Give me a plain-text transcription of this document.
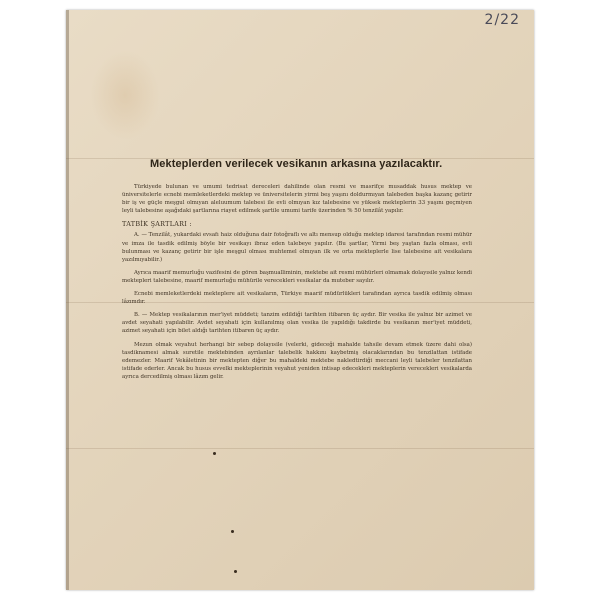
2/22
Mekteplerden verilecek vesikanın arkasına yazılacaktır.

Türkiyede bulunan ve umumi tedrisat dereceleri dahilinde olan resmi ve masrifçe musaddak husus mektep ve üniversitelerle ecnebi memleketlerdeki mektep ve üniversitelerin yirmi beş yaşını doldurmıyan talebeden başka kazanç getirir bir iş ve güçle meşgul olmıyan aleluumum talebesi ile evli olmıyan kız talebesine ve yüksek mekteplerin 33 yaşını geçmiyen leyli talebesine aşağıdaki şartlarına riayet edilmek şartile umumi tarife üzerinden % 50 tenzilât yapılır.

TATBİK ŞARTLARI :

A. — Tenzilât, yukardaki evsafı haiz olduğuna dair fotoğraflı ve altı mensup olduğu mektep idaresi tarafından resmi mühür ve imza ile tasdik edilmiş böyle bir vesikayı ibraz eden talebeye yapılır. (Bu şartlar, Yirmi beş yaştan fazla olması, evli bulunması ve kazanç getirir bir işle meşgul olması muhtemel olmıyan ilk ve orta mekteplerle lise talebesine ait vesikalara yazılmıyabilir.)

Ayrıca maarif memurluğu vazifesini de gören başmualliminin, mektebe ait resmi mühürleri olmamak dolayısile yalnız kendi mektepleri talebesine, maarif memurluğu mühürile verecekleri vesikalar da muteber sayılır.

Ecnebi memleketlerdeki mekteplere ait vesikaların, Türkiye maarif müdürlükleri tarafından ayrıca tasdik edilmiş olması lâzımdır.

B. — Mektep vesikalarının mer'iyet müddeti; tanzim edildiği tarihten itibaren üç aydır. Bir vesika ile yalnız bir azimet ve avdet seyahati yapılabilir. Avdet seyahati için kullanılmış olan vesika ile yapıldığı takdirde bu vesikanın mer'iyet müddeti, azimet seyahati için bilet aldığı tarihten itibaren üç aydır.

Mezun olmak veyahut herhangi bir sebep dolayısile (velerki, gideceği mahalde tahsile devam etmek üzere dahi olsa) tasdiknamesi almak suretile mektebinden ayrılanlar talebelik hakkını kaybetmiş olacaklarından bu tenzilattan istifade edemezler. Maarif Vekâletinin bir mektepten diğer bu mahaldeki mektebe nakledtirdiği meccani leyli talebeler tenzilattan istifade ederler. Ancak bu husus evvelki mekteplerinin veyahut yeniden intisap edecekleri mekteplerin verecekleri vesikalarda ayrıca dercedilmiş olması lâzım gelir.
